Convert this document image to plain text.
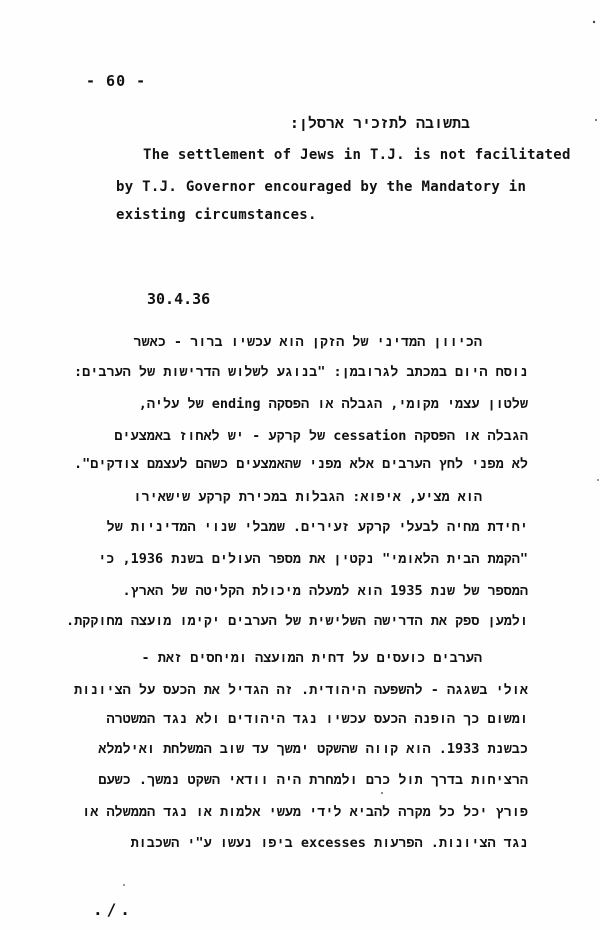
- 60 -
בתשובה לתזכיר ארסלן:
The settlement of Jews in T.J. is not facilitated
by T.J. Governor encouraged by the Mandatory in
existing circumstances.
30.4.36
הכיוון המדיני של הזקן הוא עכשיו ברור - כאשר
נוסח היום במכתב לגרובמן: "בנוגע לשלוש הדרישות של הערבים:
שלטון עצמי מקומי, הגבלה או הפסקה ending של עליה,
הגבלה או הפסקה cessation של קרקע - יש לאחוז באמצעים
לא מפני לחץ הערבים אלא מפני שהאמצעים כשהם לעצמם צודקים".
הוא מציע, איפוא: הגבלות במכירת קרקע שישאירו
יחידת מחיה לבעלי קרקע זעירים. שמבלי שנוי המדיניות של
"הקמת הבית הלאומי" נקטין את מספר העולים בשנת 1936, כי
המספר של שנת 1935 הוא למעלה מיכולת הקליטה של הארץ.
ולמען ספק את הדרישה השלישית של הערבים יקימו מועצה מחוקקת.
הערבים כועסים על דחית המועצה ומיחסים זאת -
אולי בשגגה - להשפעה היהודית. זה הגדיל את הכעס על הציונות
ומשום כך הופנה הכעס עכשיו נגד היהודים ולא נגד המשטרה
כבשנת 1933. הוא קווה שהשקט ימשך עד שוב המשלחת ואילמלא
הרציחות בדרך תול כרם ולמחרת היה וודאי השקט נמשך. כשעם
פורץ יכל כל מקרה להביא לידי מעשי אלמות או נגד הממשלה או
נגד הציונות. הפרעות excesses ביפו נעשו ע"י השכבות
./.
